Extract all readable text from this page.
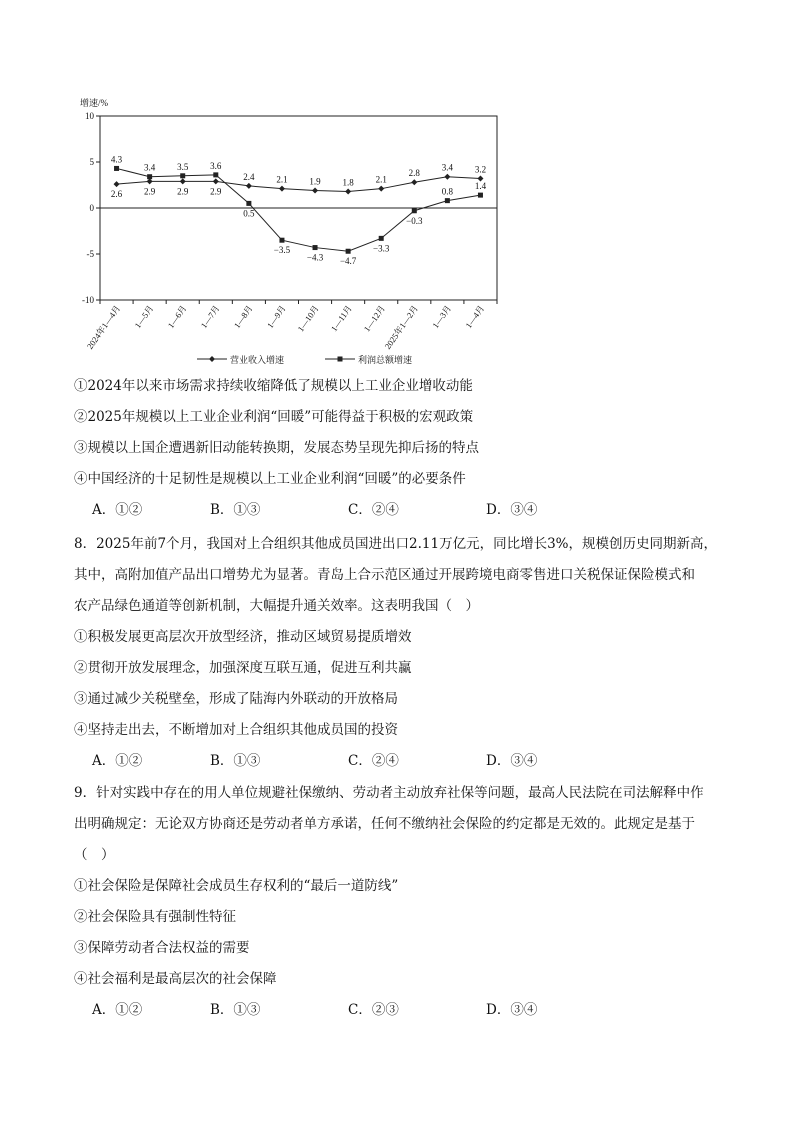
增速/%
10
5
0
-5
-10
2024年1—4月 1—5月 1—6月 1—7月 1—8月 1—9月 1—10月 1—11月 1—12月
2025年1—2月 1—3月 1—4月
2.6 2.9 2.9 2.9
2.4 2.1 1.9 1.8 2.1
2.8
3.4 3.2
4.3
3.4 3.5 3.6
0.5
−3.5
−4.3 −4.7
−3.3
−0.3
0.8
1.4
营业收入增速	利润总额增速
①2024年以来市场需求持续收缩降低了规模以上工业企业增收动能
②2025年规模以上工业企业利润“回暖”可能得益于积极的宏观政策
③规模以上国企遭遇新旧动能转换期，发展态势呈现先抑后扬的特点
④中国经济的十足韧性是规模以上工业企业利润“回暖”的必要条件
A．①②	B．①③	C．②④	D．③④
8．2025年前7个月，我国对上合组织其他成员国进出口2.11万亿元，同比增长3%，规模创历史同期新高，
其中，高附加值产品出口增势尤为显著。青岛上合示范区通过开展跨境电商零售进口关税保证保险模式和
农产品绿色通道等创新机制，大幅提升通关效率。这表明我国（　）
①积极发展更高层次开放型经济，推动区域贸易提质增效
②贯彻开放发展理念，加强深度互联互通，促进互利共赢
③通过减少关税壁垒，形成了陆海内外联动的开放格局
④坚持走出去，不断增加对上合组织其他成员国的投资
A．①②	B．①③	C．②④	D．③④
9．针对实践中存在的用人单位规避社保缴纳、劳动者主动放弃社保等问题，最高人民法院在司法解释中作
出明确规定：无论双方协商还是劳动者单方承诺，任何不缴纳社会保险的约定都是无效的。此规定是基于
（　）
①社会保险是保障社会成员生存权利的“最后一道防线”
②社会保险具有强制性特征
③保障劳动者合法权益的需要
④社会福利是最高层次的社会保障
A．①②	B．①③	C．②③	D．③④
